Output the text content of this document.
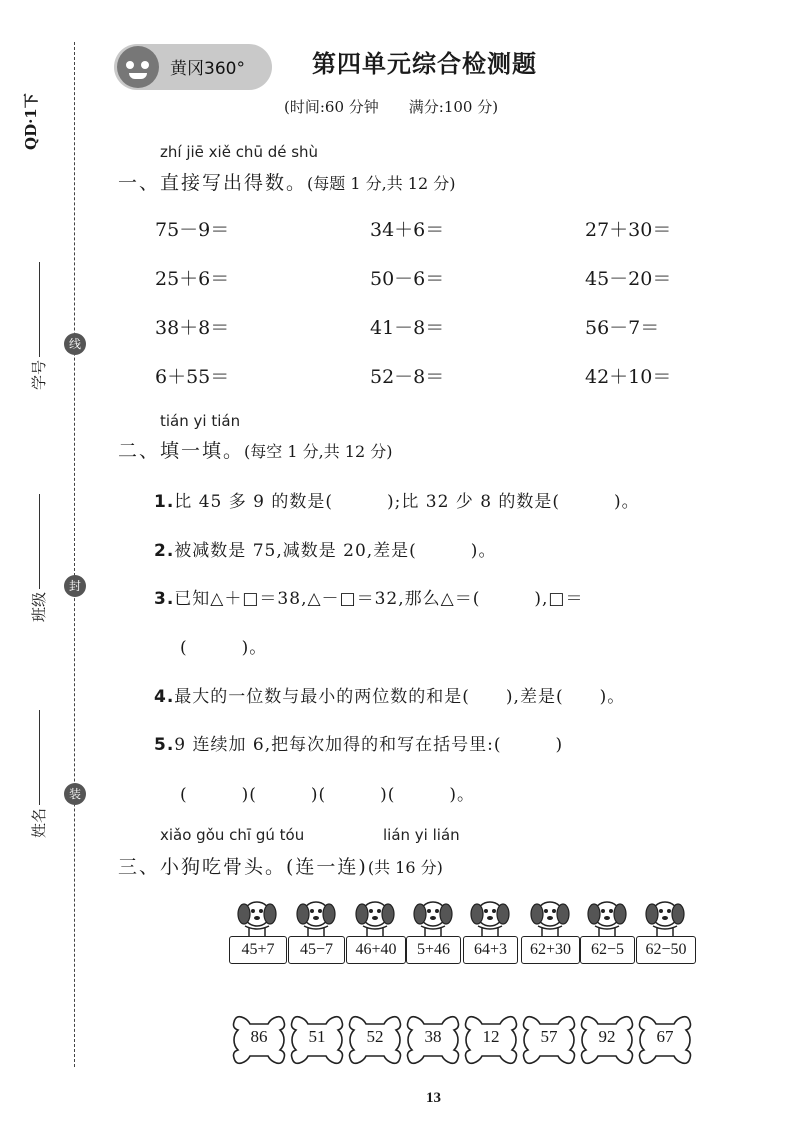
QD·1下
学号
班级
姓名
线
封
装
黄冈360°	第四单元综合检测题
(时间:60 分钟　　满分:100 分)
zhí jiē xiě chū dé shù
一、直接写出得数。(每题 1 分,共 12 分)
75－9＝	34＋6＝	27＋30＝
25＋6＝	50－6＝	45－20＝
38＋8＝	41－8＝	56－7＝
6＋55＝	52－8＝	42＋10＝
tián yi tián
二、填一填。(每空 1 分,共 12 分)
1.比 45 多 9 的数是(　　　);比 32 少 8 的数是(　　　)。
2.被减数是 75,减数是 20,差是(　　　)。
3.已知△＋□＝38,△－□＝32,那么△＝(　　　),□＝
(　　　)。
4.最大的一位数与最小的两位数的和是(　　),差是(　　)。
5.9 连续加 6,把每次加得的和写在括号里:(　　　)
(　　　)(　　　)(　　　)(　　　)。
xiǎo gǒu chī gú tóu	lián yi lián
三、小狗吃骨头。(连一连)(共 16 分)
45+7	45−7	46+40	5+46	64+3	62+30	62−5	62−50
86	51	52	38	12	57	92	67
13
